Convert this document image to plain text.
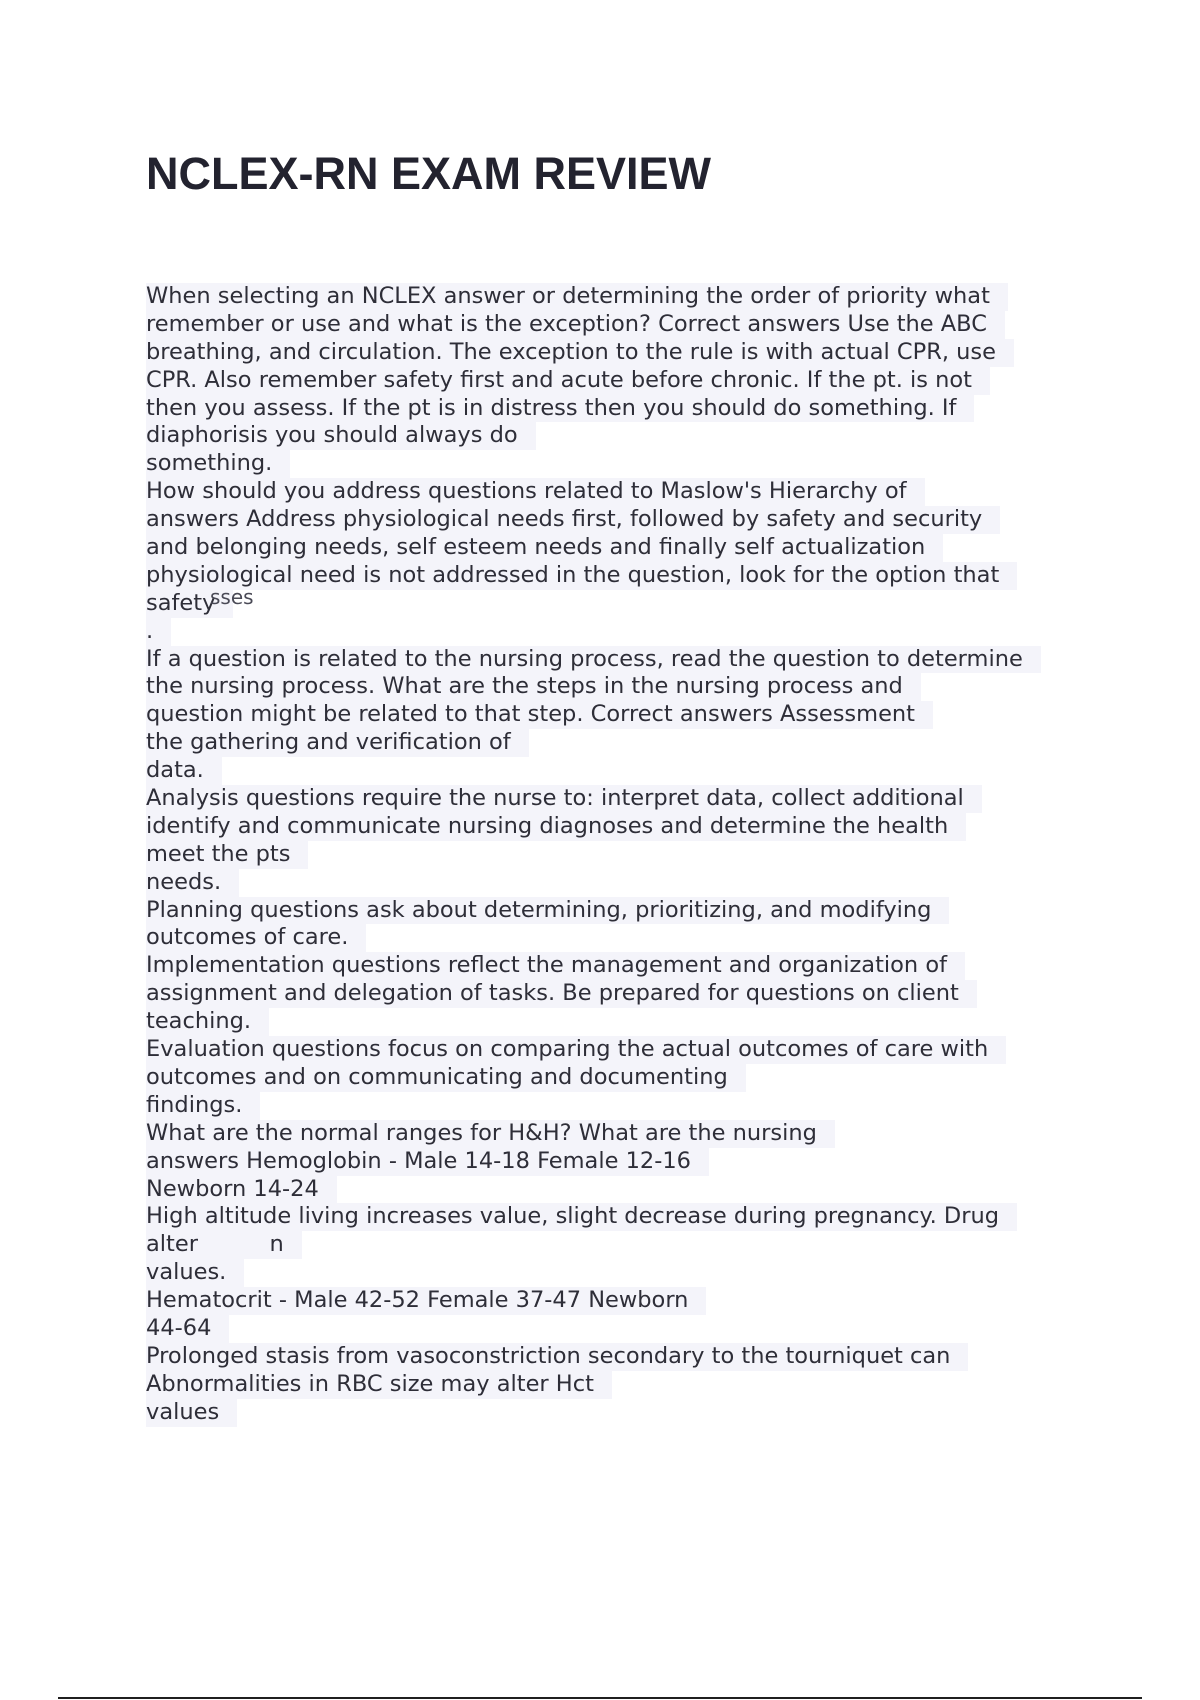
NCLEX-RN EXAM REVIEW
When selecting an NCLEX answer or determining the order of priority what
remember or use and what is the exception? Correct answers Use the ABC
breathing, and circulation. The exception to the rule is with actual CPR, use
CPR. Also remember safety first and acute before chronic. If the pt. is not
then you assess. If the pt is in distress then you should do something. If
diaphorisis you should always do
something.
How should you address questions related to Maslow's Hierarchy of
answers Address physiological needs first, followed by safety and security
and belonging needs, self esteem needs and finally self actualization
physiological need is not addressed in the question, look for the option that
safety
sses
.
If a question is related to the nursing process, read the question to determine
the nursing process. What are the steps in the nursing process and
question might be related to that step. Correct answers Assessment
the gathering and verification of
data.
Analysis questions require the nurse to: interpret data, collect additional
identify and communicate nursing diagnoses and determine the health
meet the pts
needs.
Planning questions ask about determining, prioritizing, and modifying
outcomes of care.
Implementation questions reflect the management and organization of
assignment and delegation of tasks. Be prepared for questions on client
teaching.
Evaluation questions focus on comparing the actual outcomes of care with
outcomes and on communicating and documenting
findings.
What are the normal ranges for H&H? What are the nursing
answers Hemoglobin - Male 14-18 Female 12-16
Newborn 14-24
High altitude living increases value, slight decrease during pregnancy. Drug
alter          n
values.
Hematocrit - Male 42-52 Female 37-47 Newborn
44-64
Prolonged stasis from vasoconstriction secondary to the tourniquet can
Abnormalities in RBC size may alter Hct
values
